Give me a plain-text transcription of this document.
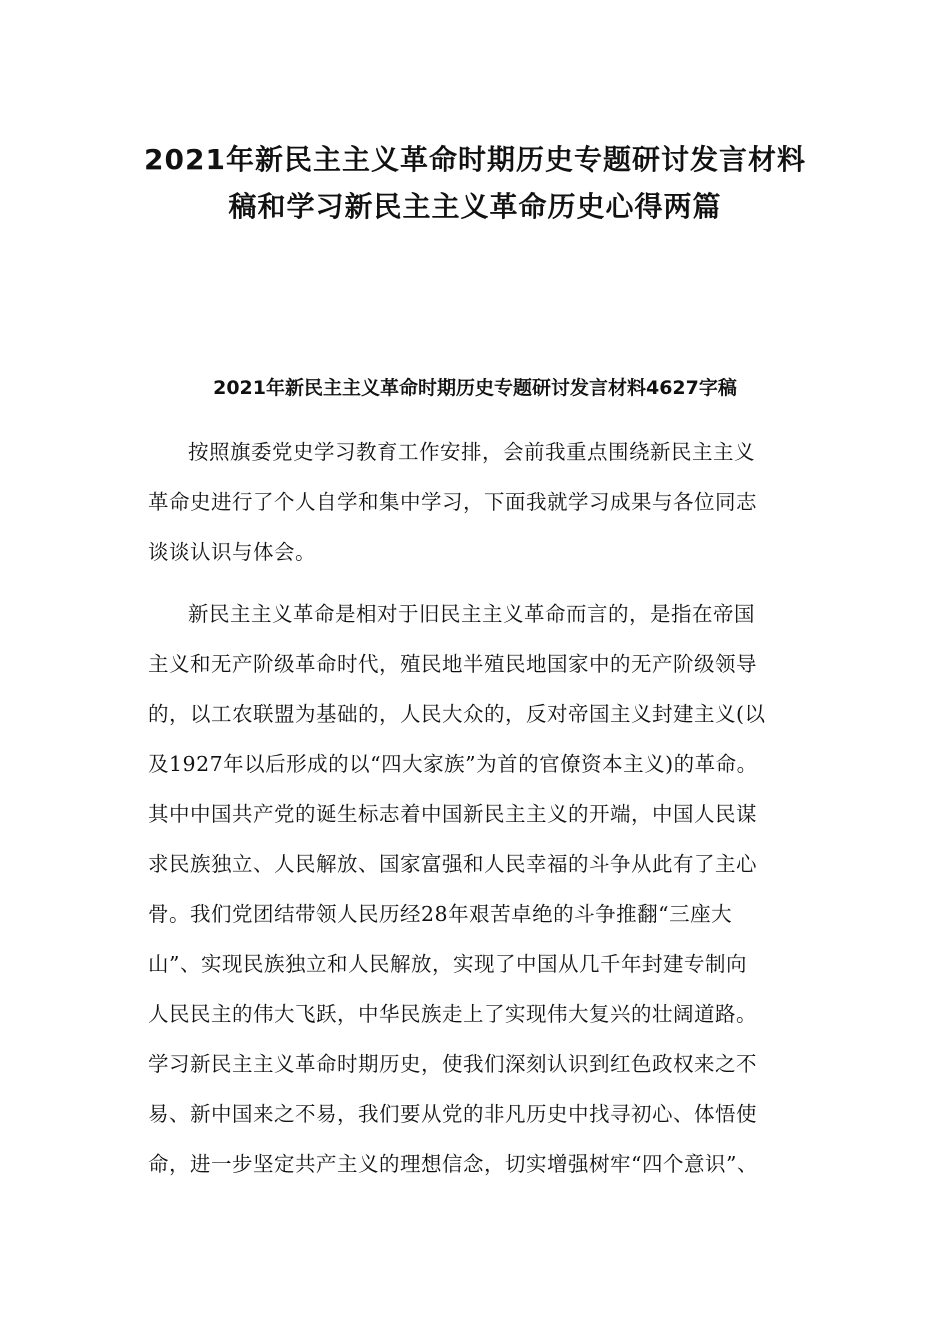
2021年新民主主义革命时期历史专题研讨发言材料
稿和学习新民主主义革命历史心得两篇
2021年新民主主义革命时期历史专题研讨发言材料4627字稿
按照旗委党史学习教育工作安排，会前我重点围绕新民主主义
革命史进行了个人自学和集中学习，下面我就学习成果与各位同志
谈谈认识与体会。
新民主主义革命是相对于旧民主主义革命而言的，是指在帝国
主义和无产阶级革命时代，殖民地半殖民地国家中的无产阶级领导
的，以工农联盟为基础的，人民大众的，反对帝国主义封建主义(以
及1927年以后形成的以“四大家族”为首的官僚资本主义)的革命。
其中中国共产党的诞生标志着中国新民主主义的开端，中国人民谋
求民族独立、人民解放、国家富强和人民幸福的斗争从此有了主心
骨。我们党团结带领人民历经28年艰苦卓绝的斗争推翻“三座大
山”、实现民族独立和人民解放，实现了中国从几千年封建专制向
人民民主的伟大飞跃，中华民族走上了实现伟大复兴的壮阔道路。
学习新民主主义革命时期历史，使我们深刻认识到红色政权来之不
易、新中国来之不易，我们要从党的非凡历史中找寻初心、体悟使
命，进一步坚定共产主义的理想信念，切实增强树牢“四个意识”、
